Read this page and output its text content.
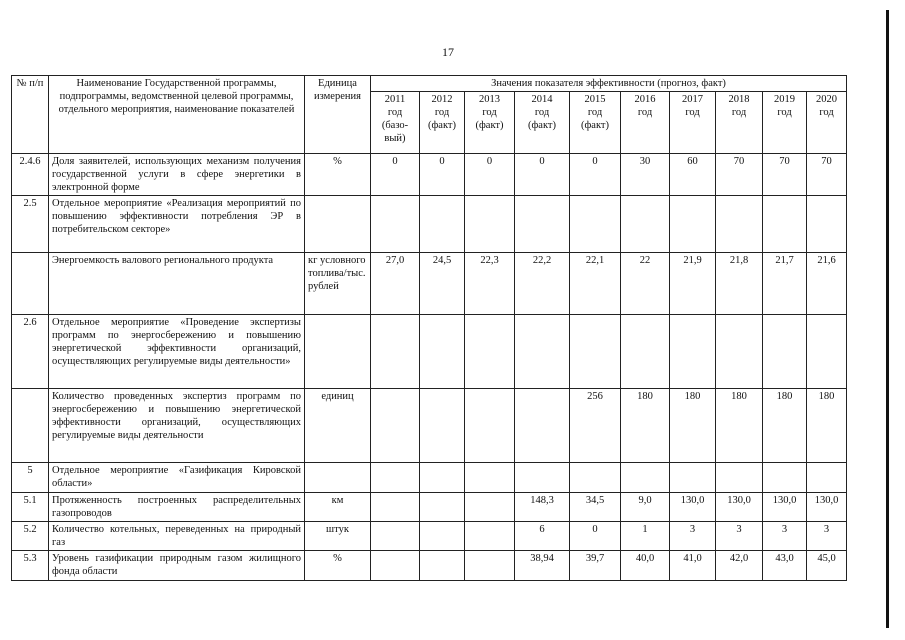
17
№ п/п	Наименование Государственной программы, подпрограммы, ведомственной целевой программы, отдельного мероприятия, наименование показателей	Единица измерения	Значения показателя эффективности (прогноз, факт)									

			2011
год
(базо-
вый)	2012
год
(факт)	2013
год
(факт)	2014
год
(факт)	2015
год
(факт)	2016
год	2017
год	2018
год	2019
год	2020
год

2.4.6	Доля заявителей, использующих механизм получения государственной услуги в сфере энергетики в электронной форме	%	0	0	0	0	0	30	60	70	70	70
2.5	Отдельное мероприятие «Реализация мероприятий по повышению эффективности потребления ЭР в потребительском секторе»											
	Энергоемкость валового регионального продукта	кг условного топлива/тыс. рублей	27,0	24,5	22,3	22,2	22,1	22	21,9	21,8	21,7	21,6
2.6	Отдельное мероприятие «Проведение экспертизы программ по энергосбережению и повышению энергетической эффективности организаций, осуществляющих регулируемые виды деятельности»											
	Количество проведенных экспертиз программ по энергосбережению и повышению энергетической эффективности организаций, осуществляющих регулируемые виды деятельности	единиц					256	180	180	180	180	180
5	Отдельное мероприятие «Газификация Кировской области»											
5.1	Протяженность построенных распределительных газопроводов	км				148,3	34,5	9,0	130,0	130,0	130,0	130,0
5.2	Количество котельных, переведенных на природный газ	штук				6	0	1	3	3	3	3
5.3	Уровень газификации природным газом жилищного фонда области	%				38,94	39,7	40,0	41,0	42,0	43,0	45,0
